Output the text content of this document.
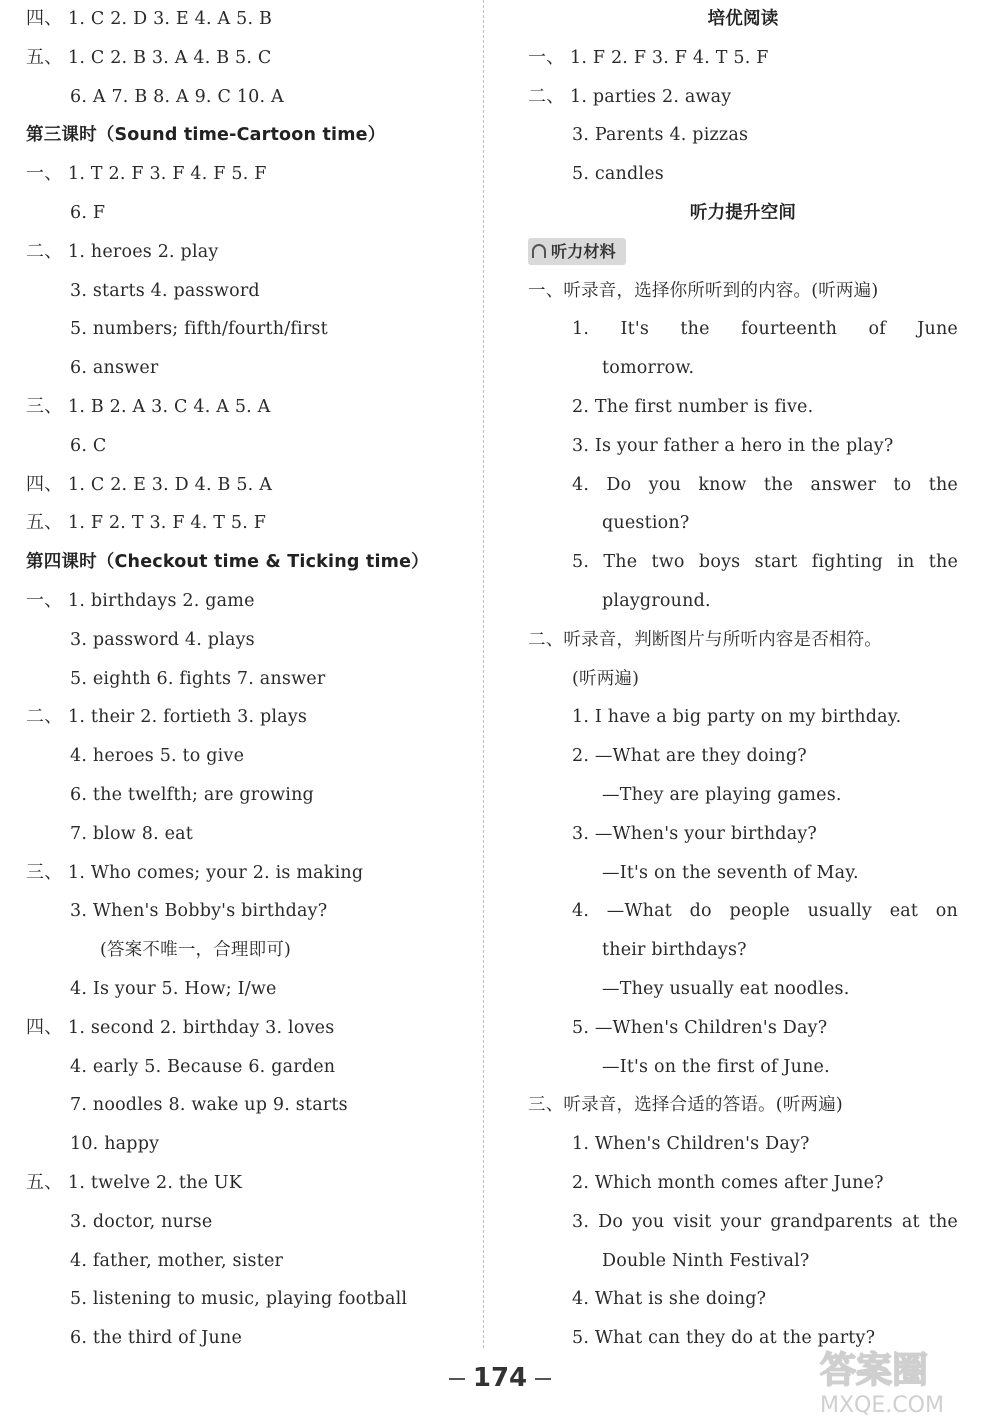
四、 1. C 2. D 3. E 4. A 5. B
五、 1. C 2. B 3. A 4. B 5. C
6. A 7. B 8. A 9. C 10. A
第三课时（Sound time-Cartoon time）
一、 1. T 2. F 3. F 4. F 5. F
6. F
二、 1. heroes 2. play
3. starts 4. password
5. numbers; fifth/fourth/first
6. answer
三、 1. B 2. A 3. C 4. A 5. A
6. C
四、 1. C 2. E 3. D 4. B 5. A
五、 1. F 2. T 3. F 4. T 5. F
第四课时（Checkout time & Ticking time）
一、 1. birthdays 2. game
3. password 4. plays
5. eighth 6. fights 7. answer
二、 1. their 2. fortieth 3. plays
4. heroes 5. to give
6. the twelfth; are growing
7. blow 8. eat
三、 1. Who comes; your 2. is making
3. When's Bobby's birthday?
(答案不唯一，合理即可)
4. Is your 5. How; I/we
四、 1. second 2. birthday 3. loves
4. early 5. Because 6. garden
7. noodles 8. wake up 9. starts
10. happy
五、 1. twelve 2. the UK
3. doctor, nurse
4. father, mother, sister
5. listening to music, playing football
6. the third of June
培优阅读
一、 1. F 2. F 3. F 4. T 5. F
二、 1. parties 2. away
3. Parents 4. pizzas
5. candles
听力提升空间
听力材料
一、听录音，选择你所听到的内容。(听两遍)
1. It's the fourteenth of June
tomorrow.
2. The first number is five.
3. Is your father a hero in the play?
4. Do you know the answer to the
question?
5. The two boys start fighting in the
playground.
二、听录音，判断图片与所听内容是否相符。
(听两遍)
1. I have a big party on my birthday.
2. —What are they doing?
—They are playing games.
3. —When's your birthday?
—It's on the seventh of May.
4. —What do people usually eat on
their birthdays?
—They usually eat noodles.
5. —When's Children's Day?
—It's on the first of June.
三、听录音，选择合适的答语。(听两遍)
1. When's Children's Day?
2. Which month comes after June?
3. Do you visit your grandparents at the
Double Ninth Festival?
4. What is she doing?
5. What can they do at the party?
174	答案圈
MXQE.COM
